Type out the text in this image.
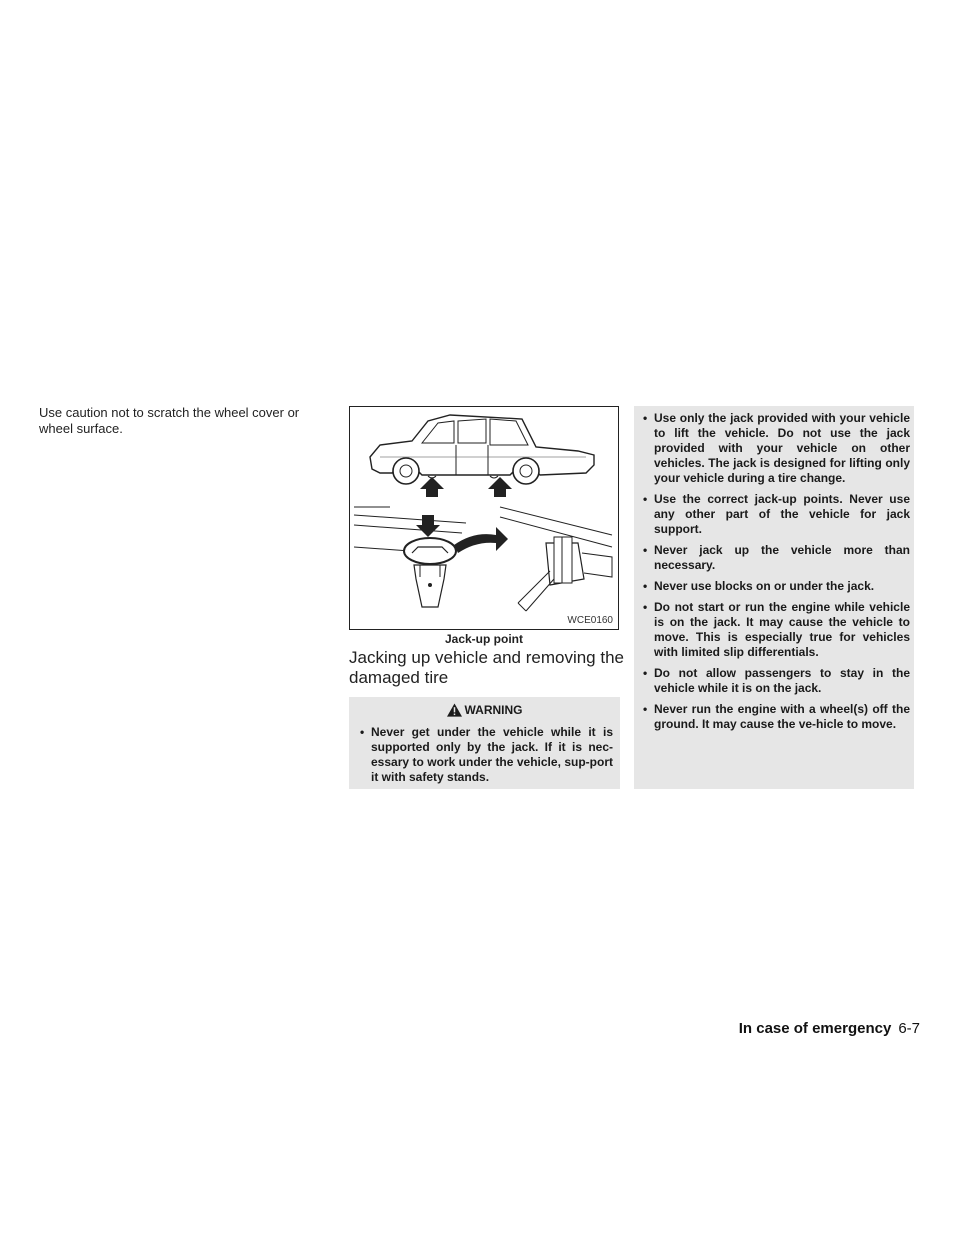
Use caution not to scratch the wheel cover or wheel surface.

WCE0160
Jack-up point
Jacking up vehicle and removing the damaged tire
WARNING
• Never get under the vehicle while it is supported only by the jack. If it is nec-essary to work under the vehicle, sup-port it with safety stands.
• Use only the jack provided with your vehicle to lift the vehicle. Do not use the jack provided with your vehicle on other vehicles. The jack is designed for lifting only your vehicle during a tire change.
• Use the correct jack-up points. Never use any other part of the vehicle for jack support.
• Never jack up the vehicle more than necessary.
• Never use blocks on or under the jack.
• Do not start or run the engine while vehicle is on the jack. It may cause the vehicle to move. This is especially true for vehicles with limited slip differentials.
• Do not allow passengers to stay in the vehicle while it is on the jack.
• Never run the engine with a wheel(s) off the ground. It may cause the ve-hicle to move.
In case of emergency 6-7
